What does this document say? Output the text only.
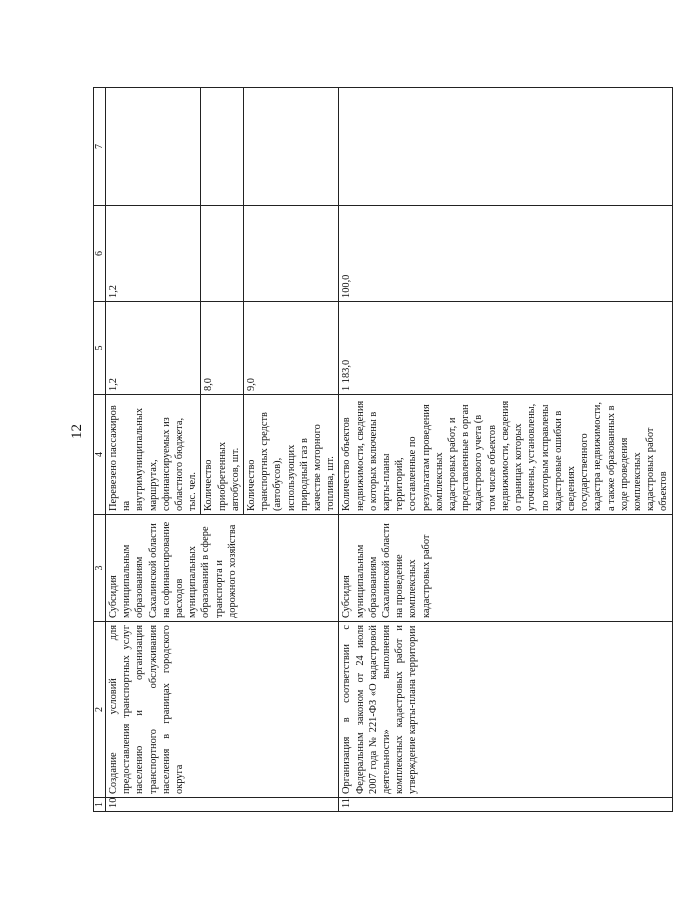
12
1	2	3	4	5	6	7
10	Создание условий для предоставления транспортных услуг населению и организация транспортного обслуживания населения в границах городского округа	Субсидия муниципальным образованиям Сахалинской области на софинансирование расходов муниципальных образований в сфере транспорта и дорожного хозяйства	Перевезено пассажиров на внутримуниципальных маршрутах, софинансируемых из областного бюджета, тыс. чел.	1,2	1,2	
			Количество приобретенных автобусов, шт.	8,0		
			Количество транспортных средств (автобусов), использующих природный газ в качестве моторного топлива, шт.	9,0		
11	Организация в соответствии с Федеральным законом от 24 июля 2007 года № 221-ФЗ «О кадастровой деятельности» выполнения комплексных кадастровых работ и утверждение карты-плана территории	Субсидия муниципальным образованиям Сахалинской области на проведение комплексных кадастровых работ	Количество объектов недвижимости, сведения о которых включены в карты-планы территорий, составленные по результатам проведения комплексных кадастровых работ, и представленные в орган кадастрового учета (в том числе объектов недвижимости, сведения о границах которых уточнены, установлены, по которым исправлены кадастровые ошибки в сведениях государственного кадастра недвижимости, а также образованных в ходе проведения комплексных кадастровых работ объектов	1 183,0	100,0	
